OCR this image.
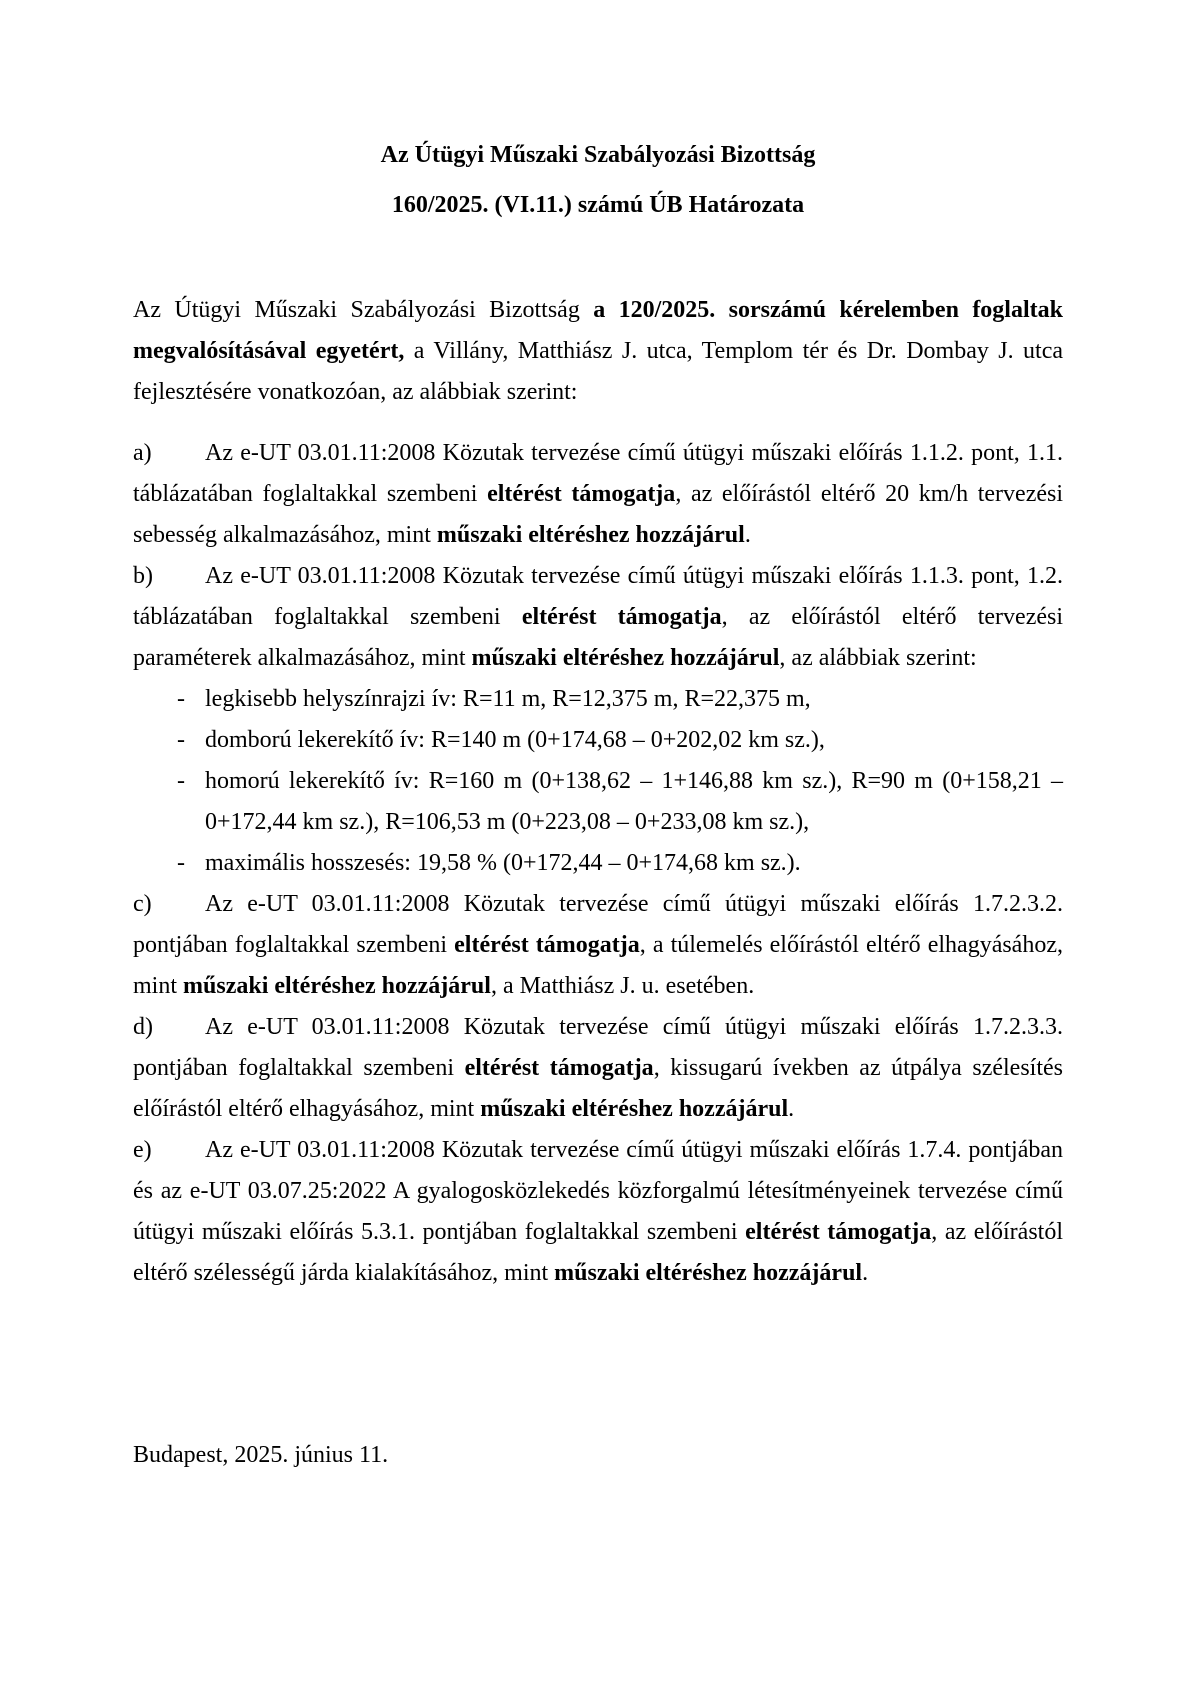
Az Útügyi Műszaki Szabályozási Bizottság

160/2025. (VI.11.) számú ÚB Határozata

Az Útügyi Műszaki Szabályozási Bizottság a 120/2025. sorszámú kérelemben foglaltak megvalósításával egyetért, a Villány, Matthiász J. utca, Templom tér és Dr. Dombay J. utca fejlesztésére vonatkozóan, az alábbiak szerint:

a) Az e-UT 03.01.11:2008 Közutak tervezése című útügyi műszaki előírás 1.1.2. pont, 1.1. táblázatában foglaltakkal szembeni eltérést támogatja, az előírástól eltérő 20 km/h tervezési sebesség alkalmazásához, mint műszaki eltéréshez hozzájárul.

b) Az e-UT 03.01.11:2008 Közutak tervezése című útügyi műszaki előírás 1.1.3. pont, 1.2. táblázatában foglaltakkal szembeni eltérést támogatja, az előírástól eltérő tervezési paraméterek alkalmazásához, mint műszaki eltéréshez hozzájárul, az alábbiak szerint:

- legkisebb helyszínrajzi ív: R=11 m, R=12,375 m, R=22,375 m,

- domború lekerekítő ív: R=140 m (0+174,68 – 0+202,02 km sz.),

- homorú lekerekítő ív: R=160 m (0+138,62 – 1+146,88 km sz.), R=90 m (0+158,21 – 0+172,44 km sz.), R=106,53 m (0+223,08 – 0+233,08 km sz.),

- maximális hosszesés: 19,58 % (0+172,44 – 0+174,68 km sz.).

c) Az e-UT 03.01.11:2008 Közutak tervezése című útügyi műszaki előírás 1.7.2.3.2. pontjában foglaltakkal szembeni eltérést támogatja, a túlemelés előírástól eltérő elhagyásához, mint műszaki eltéréshez hozzájárul, a Matthiász J. u. esetében.

d) Az e-UT 03.01.11:2008 Közutak tervezése című útügyi műszaki előírás 1.7.2.3.3. pontjában foglaltakkal szembeni eltérést támogatja, kissugarú ívekben az útpálya szélesítés előírástól eltérő elhagyásához, mint műszaki eltéréshez hozzájárul.

e) Az e-UT 03.01.11:2008 Közutak tervezése című útügyi műszaki előírás 1.7.4. pontjában és az e-UT 03.07.25:2022 A gyalogosközlekedés közforgalmú létesítményeinek tervezése című útügyi műszaki előírás 5.3.1. pontjában foglaltakkal szembeni eltérést támogatja, az előírástól eltérő szélességű járda kialakításához, mint műszaki eltéréshez hozzájárul.

Budapest, 2025. június 11.
